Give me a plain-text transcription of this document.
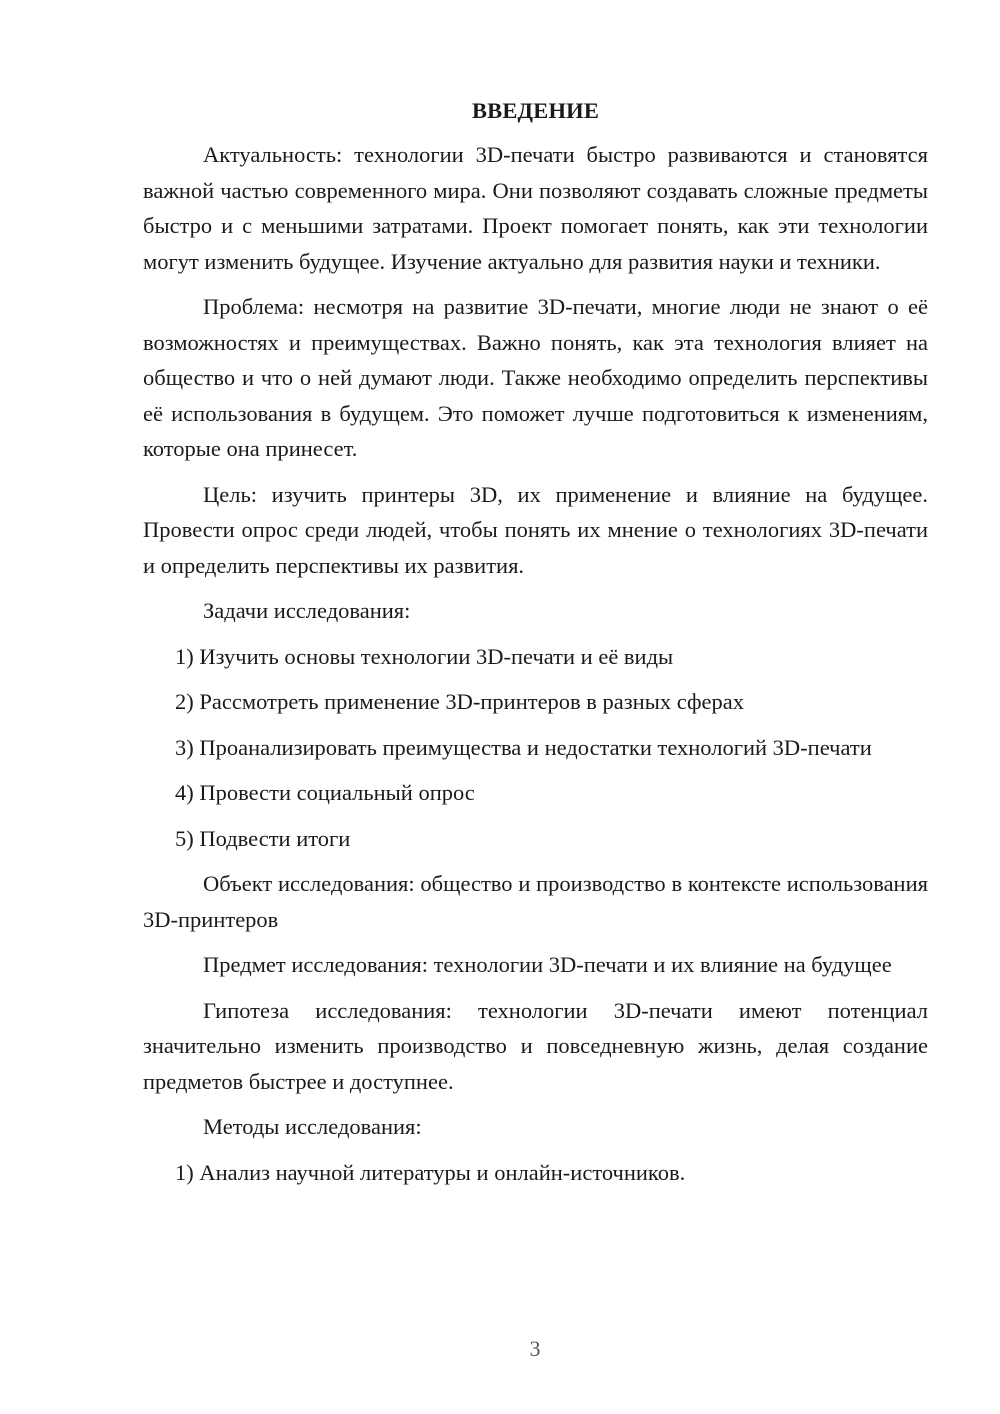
ВВЕДЕНИЕ

Актуальность: технологии 3D-печати быстро развиваются и становятся важной частью современного мира. Они позволяют создавать сложные предметы быстро и с меньшими затратами. Проект помогает понять, как эти технологии могут изменить будущее. Изучение актуально для развития науки и техники.

Проблема: несмотря на развитие 3D-печати, многие люди не знают о её возможностях и преимуществах. Важно понять, как эта технология влияет на общество и что о ней думают люди. Также необходимо определить перспективы её использования в будущем. Это поможет лучше подготовиться к изменениям, которые она принесет.

Цель: изучить принтеры 3D, их применение и влияние на будущее. Провести опрос среди людей, чтобы понять их мнение о технологиях 3D-печати и определить перспективы их развития.

Задачи исследования:

1) Изучить основы технологии 3D-печати и её виды

2) Рассмотреть применение 3D-принтеров в разных сферах

3) Проанализировать преимущества и недостатки технологий 3D-печати

4) Провести социальный опрос

5) Подвести итоги

Объект исследования: общество и производство в контексте использования 3D-принтеров

Предмет исследования: технологии 3D-печати и их влияние на будущее

Гипотеза исследования: технологии 3D-печати имеют потенциал значительно изменить производство и повседневную жизнь, делая создание предметов быстрее и доступнее.

Методы исследования:

1) Анализ научной литературы и онлайн-источников.

3
